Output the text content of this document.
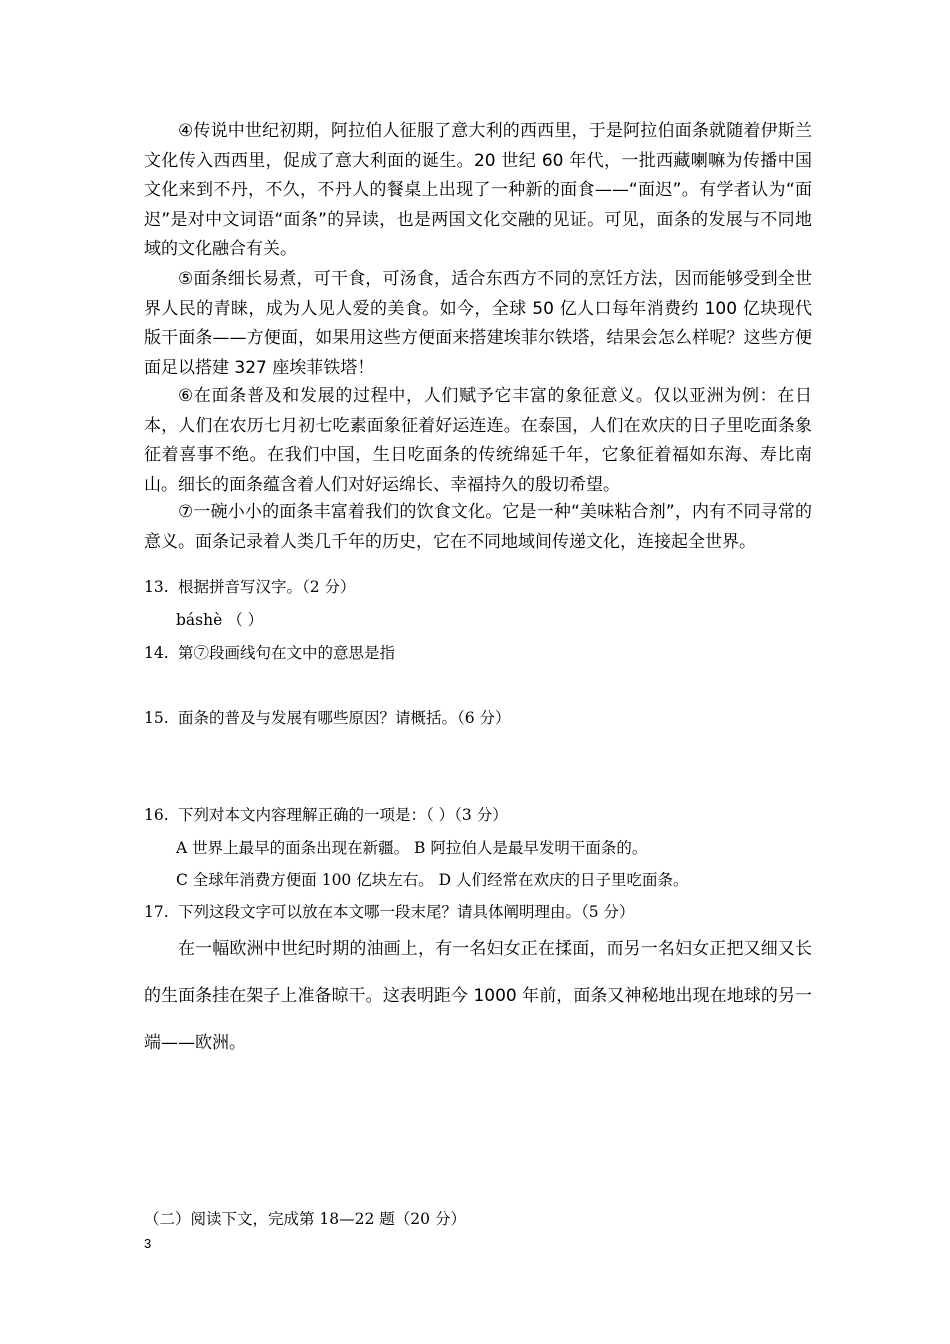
④传说中世纪初期，阿拉伯人征服了意大利的西西里，于是阿拉伯面条就随着伊斯兰文化传入西西里，促成了意大利面的诞生。20 世纪 60 年代，一批西藏喇嘛为传播中国文化来到不丹，不久，不丹人的餐桌上出现了一种新的面食——“面迟”。有学者认为“面迟”是对中文词语“面条”的异读，也是两国文化交融的见证。可见，面条的发展与不同地域的文化融合有关。

⑤面条细长易煮，可干食，可汤食，适合东西方不同的烹饪方法，因而能够受到全世界人民的青睐，成为人见人爱的美食。如今，全球 50 亿人口每年消费约 100 亿块现代版干面条——方便面，如果用这些方便面来搭建埃菲尔铁塔，结果会怎么样呢？这些方便面足以搭建 327 座埃菲铁塔！

⑥在面条普及和发展的过程中，人们赋予它丰富的象征意义。仅以亚洲为例：在日本，人们在农历七月初七吃素面象征着好运连连。在泰国，人们在欢庆的日子里吃面条象征着喜事不绝。在我们中国，生日吃面条的传统绵延千年，它象征着福如东海、寿比南山。细长的面条蕴含着人们对好运绵长、幸福持久的殷切希望。

⑦一碗小小的面条丰富着我们的饮食文化。它是一种“美味粘合剂”，内有不同寻常的意义。面条记录着人类几千年的历史，它在不同地域间传递文化，连接起全世界。

13. 根据拼音写汉字。（2 分）
báshè （ ）
14. 第⑦段画线句在文中的意思是指
15. 面条的普及与发展有哪些原因？请概括。（6 分）
16. 下列对本文内容理解正确的一项是：（ ）（3 分）
A 世界上最早的面条出现在新疆。 B 阿拉伯人是最早发明干面条的。
C 全球年消费方便面 100 亿块左右。 D 人们经常在欢庆的日子里吃面条。
17. 下列这段文字可以放在本文哪一段末尾？请具体阐明理由。（5 分）

在一幅欧洲中世纪时期的油画上，有一名妇女正在揉面，而另一名妇女正把又细又长的生面条挂在架子上准备晾干。这表明距今 1000 年前，面条又神秘地出现在地球的另一端——欧洲。

（二）阅读下文，完成第 18—22 题（20 分）
3
